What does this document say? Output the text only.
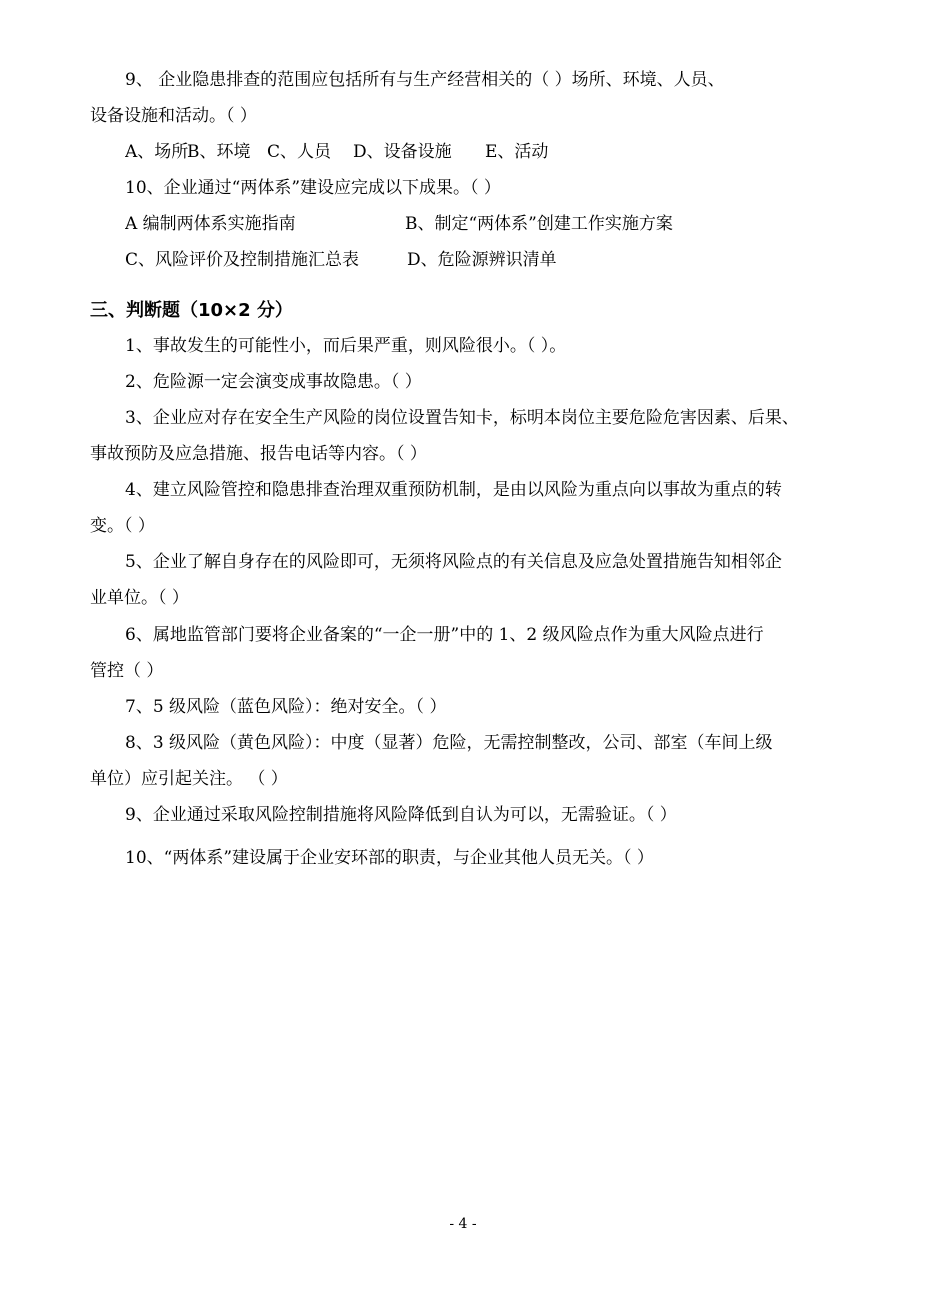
9、 企业隐患排查的范围应包括所有与生产经营相关的（ ）场所、环境、人员、
设备设施和活动。（ ）
A、场所B、环境 C、人员 D、设备设施 E、活动
10、企业通过“两体系”建设应完成以下成果。（ ）
A 编制两体系实施指南	B、制定“两体系”创建工作实施方案
C、风险评价及控制措施汇总表	D、危险源辨识清单
三、判断题（10×2 分）
1、事故发生的可能性小，而后果严重，则风险很小。（ ）。
2、危险源一定会演变成事故隐患。（ ）
3、企业应对存在安全生产风险的岗位设置告知卡，标明本岗位主要危险危害因素、后果、
事故预防及应急措施、报告电话等内容。（ ）
4、建立风险管控和隐患排查治理双重预防机制，是由以风险为重点向以事故为重点的转
变。（ ）
5、企业了解自身存在的风险即可，无须将风险点的有关信息及应急处置措施告知相邻企
业单位。（ ）
6、属地监管部门要将企业备案的“一企一册”中的 1、2 级风险点作为重大风险点进行
管控（ ）
7、5 级风险（蓝色风险）：绝对安全。（ ）
8、3 级风险（黄色风险）：中度（显著）危险，无需控制整改，公司、部室（车间上级
单位）应引起关注。 （ ）
9、企业通过采取风险控制措施将风险降低到自认为可以，无需验证。（ ）
10、“两体系”建设属于企业安环部的职责，与企业其他人员无关。（ ）
- 4 -
